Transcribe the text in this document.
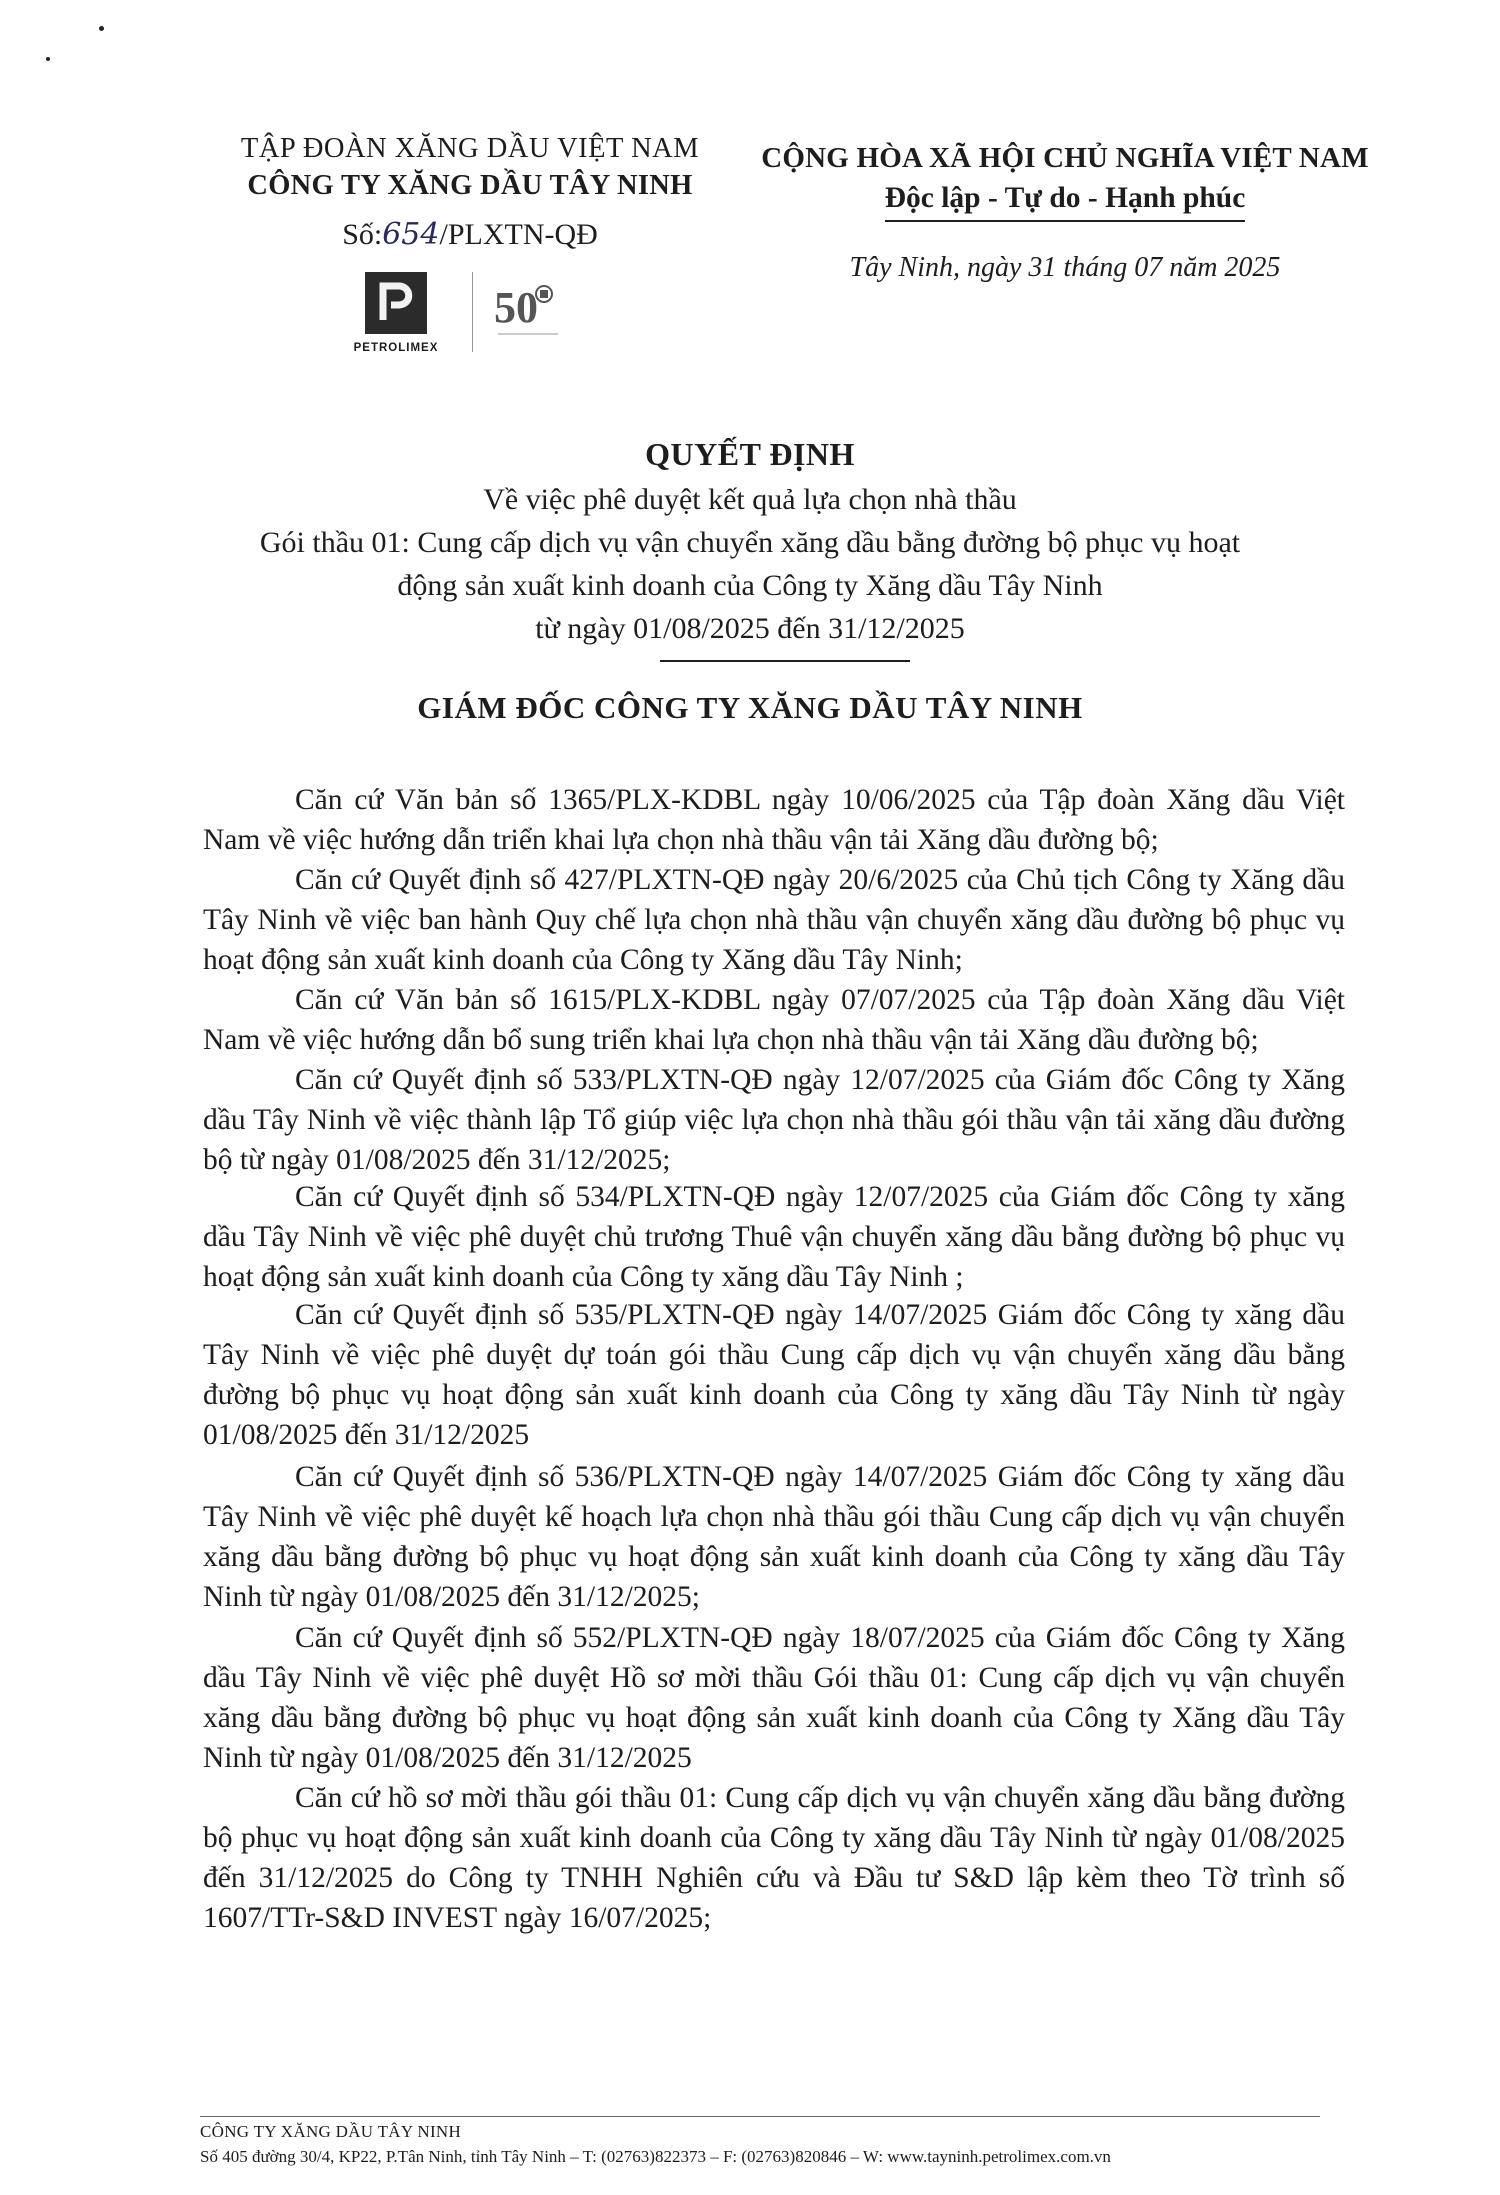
TẬP ĐOÀN XĂNG DẦU VIỆT NAM
CÔNG TY XĂNG DẦU TÂY NINH
Số:654/PLXTN-QĐ
PETROLIMEX
50
CỘNG HÒA XÃ HỘI CHỦ NGHĨA VIỆT NAM
Độc lập - Tự do - Hạnh phúc
Tây Ninh, ngày 31 tháng 07 năm 2025
QUYẾT ĐỊNH
Về việc phê duyệt kết quả lựa chọn nhà thầu
Gói thầu 01: Cung cấp dịch vụ vận chuyển xăng dầu bằng đường bộ phục vụ hoạt
động sản xuất kinh doanh của Công ty Xăng dầu Tây Ninh
từ ngày 01/08/2025 đến 31/12/2025
GIÁM ĐỐC CÔNG TY XĂNG DẦU TÂY NINH
Căn cứ Văn bản số 1365/PLX-KDBL ngày 10/06/2025 của Tập đoàn Xăng dầu Việt Nam về việc hướng dẫn triển khai lựa chọn nhà thầu vận tải Xăng dầu đường bộ;
Căn cứ Quyết định số 427/PLXTN-QĐ ngày 20/6/2025 của Chủ tịch Công ty Xăng dầu Tây Ninh về việc ban hành Quy chế lựa chọn nhà thầu vận chuyển xăng dầu đường bộ phục vụ hoạt động sản xuất kinh doanh của Công ty Xăng dầu Tây Ninh;
Căn cứ Văn bản số 1615/PLX-KDBL ngày 07/07/2025 của Tập đoàn Xăng dầu Việt Nam về việc hướng dẫn bổ sung triển khai lựa chọn nhà thầu vận tải Xăng dầu đường bộ;
Căn cứ Quyết định số 533/PLXTN-QĐ ngày 12/07/2025 của Giám đốc Công ty Xăng dầu Tây Ninh về việc thành lập Tổ giúp việc lựa chọn nhà thầu gói thầu vận tải xăng dầu đường bộ từ ngày 01/08/2025 đến 31/12/2025;
Căn cứ Quyết định số 534/PLXTN-QĐ ngày 12/07/2025 của Giám đốc Công ty xăng dầu Tây Ninh về việc phê duyệt chủ trương Thuê vận chuyển xăng dầu bằng đường bộ phục vụ hoạt động sản xuất kinh doanh của Công ty xăng dầu Tây Ninh ;
Căn cứ Quyết định số 535/PLXTN-QĐ ngày 14/07/2025 Giám đốc Công ty xăng dầu Tây Ninh về việc phê duyệt dự toán gói thầu Cung cấp dịch vụ vận chuyển xăng dầu bằng đường bộ phục vụ hoạt động sản xuất kinh doanh của Công ty xăng dầu Tây Ninh từ ngày 01/08/2025 đến 31/12/2025
Căn cứ Quyết định số 536/PLXTN-QĐ ngày 14/07/2025 Giám đốc Công ty xăng dầu Tây Ninh về việc phê duyệt kế hoạch lựa chọn nhà thầu gói thầu Cung cấp dịch vụ vận chuyển xăng dầu bằng đường bộ phục vụ hoạt động sản xuất kinh doanh của Công ty xăng dầu Tây Ninh từ ngày 01/08/2025 đến 31/12/2025;
Căn cứ Quyết định số 552/PLXTN-QĐ ngày 18/07/2025 của Giám đốc Công ty Xăng dầu Tây Ninh về việc phê duyệt Hồ sơ mời thầu Gói thầu 01: Cung cấp dịch vụ vận chuyển xăng dầu bằng đường bộ phục vụ hoạt động sản xuất kinh doanh của Công ty Xăng dầu Tây Ninh từ ngày 01/08/2025 đến 31/12/2025
Căn cứ hồ sơ mời thầu gói thầu 01: Cung cấp dịch vụ vận chuyển xăng dầu bằng đường bộ phục vụ hoạt động sản xuất kinh doanh của Công ty xăng dầu Tây Ninh từ ngày 01/08/2025 đến 31/12/2025 do Công ty TNHH Nghiên cứu và Đầu tư S&D lập kèm theo Tờ trình số 1607/TTr-S&D INVEST ngày 16/07/2025;
CÔNG TY XĂNG DẦU TÂY NINH
Số 405 đường 30/4, KP22, P.Tân Ninh, tỉnh Tây Ninh – T: (02763)822373 – F: (02763)820846 – W: www.tayninh.petrolimex.com.vn
